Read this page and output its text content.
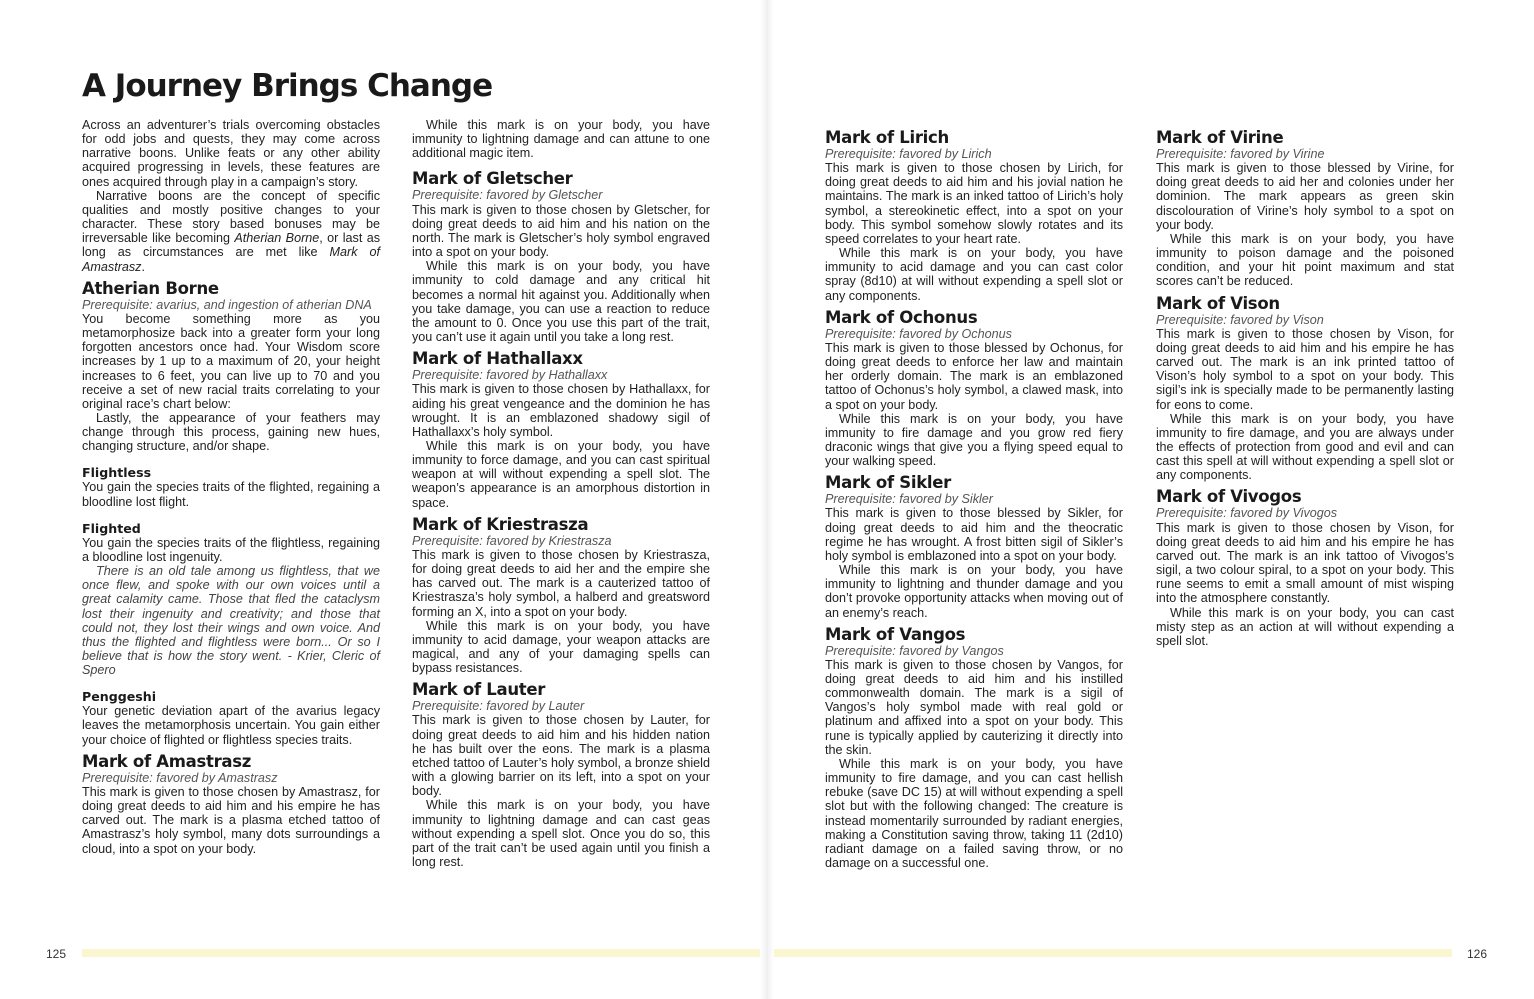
A Journey Brings Change

Across an adventurer’s trials overcoming obstacles for odd jobs and quests, they may come across narrative boons. Unlike feats or any other ability acquired progressing in levels, these features are ones acquired through play in a campaign’s story.

Narrative boons are the concept of specific qualities and mostly positive changes to your character. These story based bonuses may be irreversable like becoming Atherian Borne, or last as long as circumstances are met like Mark of Amastrasz.

Atherian Borne

Prerequisite: avarius, and ingestion of atherian DNA

You become something more as you metamorphosize back into a greater form your long forgotten ancestors once had. Your Wisdom score increases by 1 up to a maximum of 20, your height increases to 6 feet, you can live up to 70 and you receive a set of new racial traits correlating to your original race’s chart below:

Lastly, the appearance of your feathers may change through this process, gaining new hues, changing structure, and/or shape.

Flightless

You gain the species traits of the flighted, regaining a bloodline lost flight.

Flighted

You gain the species traits of the flightless, regaining a bloodline lost ingenuity.

There is an old tale among us flightless, that we once flew, and spoke with our own voices until a great calamity came. Those that fled the cataclysm lost their ingenuity and creativity; and those that could not, they lost their wings and own voice. And thus the flighted and flightless were born... Or so I believe that is how the story went. - Krier, Cleric of Spero

Penggeshi

Your genetic deviation apart of the avarius legacy leaves the metamorphosis uncertain. You gain either your choice of flighted or flightless species traits.

Mark of Amastrasz

Prerequisite: favored by Amastrasz

This mark is given to those chosen by Amastrasz, for doing great deeds to aid him and his empire he has carved out. The mark is a plasma etched tattoo of Amastrasz’s holy symbol, many dots surroundings a cloud, into a spot on your body.

While this mark is on your body, you have immunity to lightning damage and can attune to one additional magic item.

Mark of Gletscher

Prerequisite: favored by Gletscher

This mark is given to those chosen by Gletscher, for doing great deeds to aid him and his nation on the north. The mark is Gletscher’s holy symbol engraved into a spot on your body.

While this mark is on your body, you have immunity to cold damage and any critical hit becomes a normal hit against you. Additionally when you take damage, you can use a reaction to reduce the amount to 0. Once you use this part of the trait, you can’t use it again until you take a long rest.

Mark of Hathallaxx

Prerequisite: favored by Hathallaxx

This mark is given to those chosen by Hathallaxx, for aiding his great vengeance and the dominion he has wrought. It is an emblazoned shadowy sigil of Hathallaxx’s holy symbol.

While this mark is on your body, you have immunity to force damage, and you can cast spiritual weapon at will without expending a spell slot. The weapon’s appearance is an amorphous distortion in space.

Mark of Kriestrasza

Prerequisite: favored by Kriestrasza

This mark is given to those chosen by Kriestrasza, for doing great deeds to aid her and the empire she has carved out. The mark is a cauterized tattoo of Kriestrasza’s holy symbol, a halberd and greatsword forming an X, into a spot on your body.

While this mark is on your body, you have immunity to acid damage, your weapon attacks are magical, and any of your damaging spells can bypass resistances.

Mark of Lauter

Prerequisite: favored by Lauter

This mark is given to those chosen by Lauter, for doing great deeds to aid him and his hidden nation he has built over the eons. The mark is a plasma etched tattoo of Lauter’s holy symbol, a bronze shield with a glowing barrier on its left, into a spot on your body.

While this mark is on your body, you have immunity to lightning damage and can cast geas without expending a spell slot. Once you do so, this part of the trait can’t be used again until you finish a long rest.

Mark of Lirich

Prerequisite: favored by Lirich

This mark is given to those chosen by Lirich, for doing great deeds to aid him and his jovial nation he maintains. The mark is an inked tattoo of Lirich’s holy symbol, a stereokinetic effect, into a spot on your body. This symbol somehow slowly rotates and its speed correlates to your heart rate.

While this mark is on your body, you have immunity to acid damage and you can cast color spray (8d10) at will without expending a spell slot or any components.

Mark of Ochonus

Prerequisite: favored by Ochonus

This mark is given to those blessed by Ochonus, for doing great deeds to enforce her law and maintain her orderly domain. The mark is an emblazoned tattoo of Ochonus’s holy symbol, a clawed mask, into a spot on your body.

While this mark is on your body, you have immunity to fire damage and you grow red fiery draconic wings that give you a flying speed equal to your walking speed.

Mark of Sikler

Prerequisite: favored by Sikler

This mark is given to those blessed by Sikler, for doing great deeds to aid him and the theocratic regime he has wrought. A frost bitten sigil of Sikler’s holy symbol is emblazoned into a spot on your body.

While this mark is on your body, you have immunity to lightning and thunder damage and you don’t provoke opportunity attacks when moving out of an enemy’s reach.

Mark of Vangos

Prerequisite: favored by Vangos

This mark is given to those chosen by Vangos, for doing great deeds to aid him and his instilled commonwealth domain. The mark is a sigil of Vangos’s holy symbol made with real gold or platinum and affixed into a spot on your body. This rune is typically applied by cauterizing it directly into the skin.

While this mark is on your body, you have immunity to fire damage, and you can cast hellish rebuke (save DC 15) at will without expending a spell slot but with the following changed: The creature is instead momentarily surrounded by radiant energies, making a Constitution saving throw, taking 11 (2d10) radiant damage on a failed saving throw, or no damage on a successful one.

Mark of Virine

Prerequisite: favored by Virine

This mark is given to those blessed by Virine, for doing great deeds to aid her and colonies under her dominion. The mark appears as green skin discolouration of Virine’s holy symbol to a spot on your body.

While this mark is on your body, you have immunity to poison damage and the poisoned condition, and your hit point maximum and stat scores can’t be reduced.

Mark of Vison

Prerequisite: favored by Vison

This mark is given to those chosen by Vison, for doing great deeds to aid him and his empire he has carved out. The mark is an ink printed tattoo of Vison’s holy symbol to a spot on your body. This sigil’s ink is specially made to be permanently lasting for eons to come.

While this mark is on your body, you have immunity to fire damage, and you are always under the effects of protection from good and evil and can cast this spell at will without expending a spell slot or any components.

Mark of Vivogos

Prerequisite: favored by Vivogos

This mark is given to those chosen by Vison, for doing great deeds to aid him and his empire he has carved out. The mark is an ink tattoo of Vivogos’s sigil, a two colour spiral, to a spot on your body. This rune seems to emit a small amount of mist wisping into the atmosphere constantly.

While this mark is on your body, you can cast misty step as an action at will without expending a spell slot.

125	126
